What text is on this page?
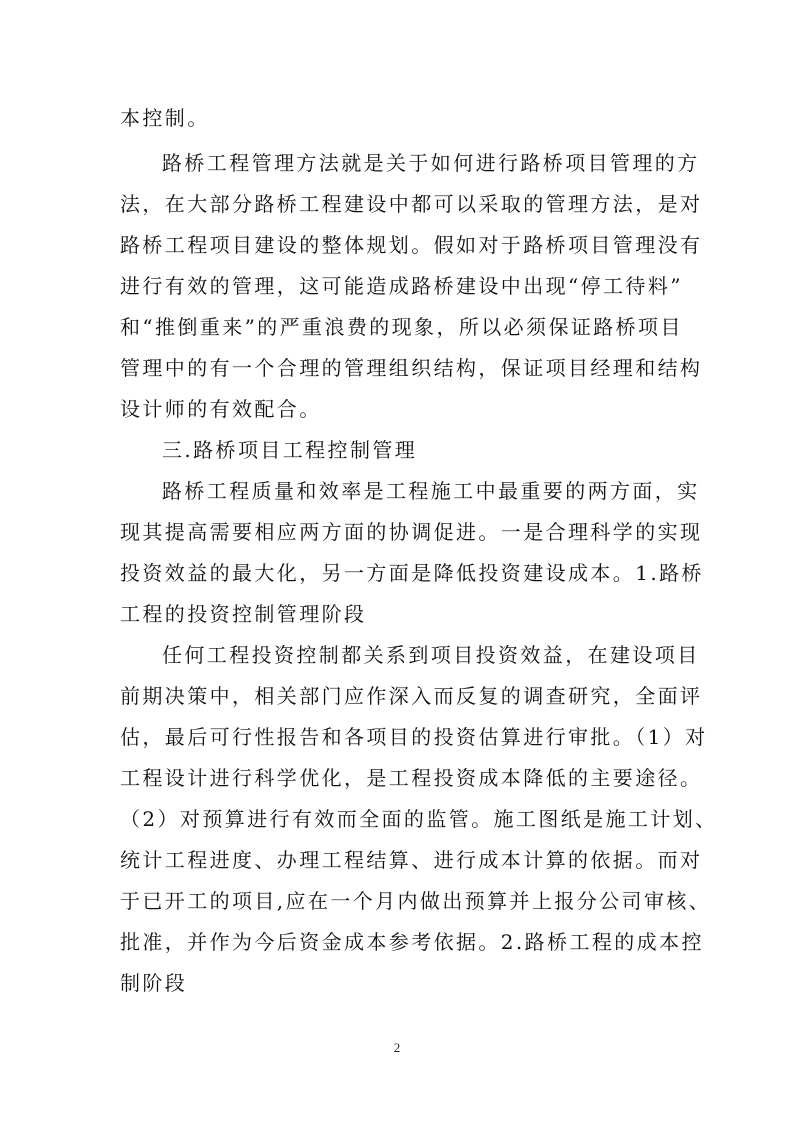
本控制。
路桥工程管理方法就是关于如何进行路桥项目管理的方
法，在大部分路桥工程建设中都可以采取的管理方法，是对
路桥工程项目建设的整体规划。假如对于路桥项目管理没有
进行有效的管理，这可能造成路桥建设中出现“停工待料”
和“推倒重来”的严重浪费的现象，所以必须保证路桥项目
管理中的有一个合理的管理组织结构，保证项目经理和结构
设计师的有效配合。
三.路桥项目工程控制管理
路桥工程质量和效率是工程施工中最重要的两方面，实
现其提高需要相应两方面的协调促进。一是合理科学的实现
投资效益的最大化，另一方面是降低投资建设成本。1.路桥
工程的投资控制管理阶段
任何工程投资控制都关系到项目投资效益，在建设项目
前期决策中，相关部门应作深入而反复的调查研究，全面评
估，最后可行性报告和各项目的投资估算进行审批。（1）对
工程设计进行科学优化，是工程投资成本降低的主要途径。
（2）对预算进行有效而全面的监管。施工图纸是施工计划、
统计工程进度、办理工程结算、进行成本计算的依据。而对
于已开工的项目,应在一个月内做出预算并上报分公司审核、
批准，并作为今后资金成本参考依据。2.路桥工程的成本控
制阶段
2
